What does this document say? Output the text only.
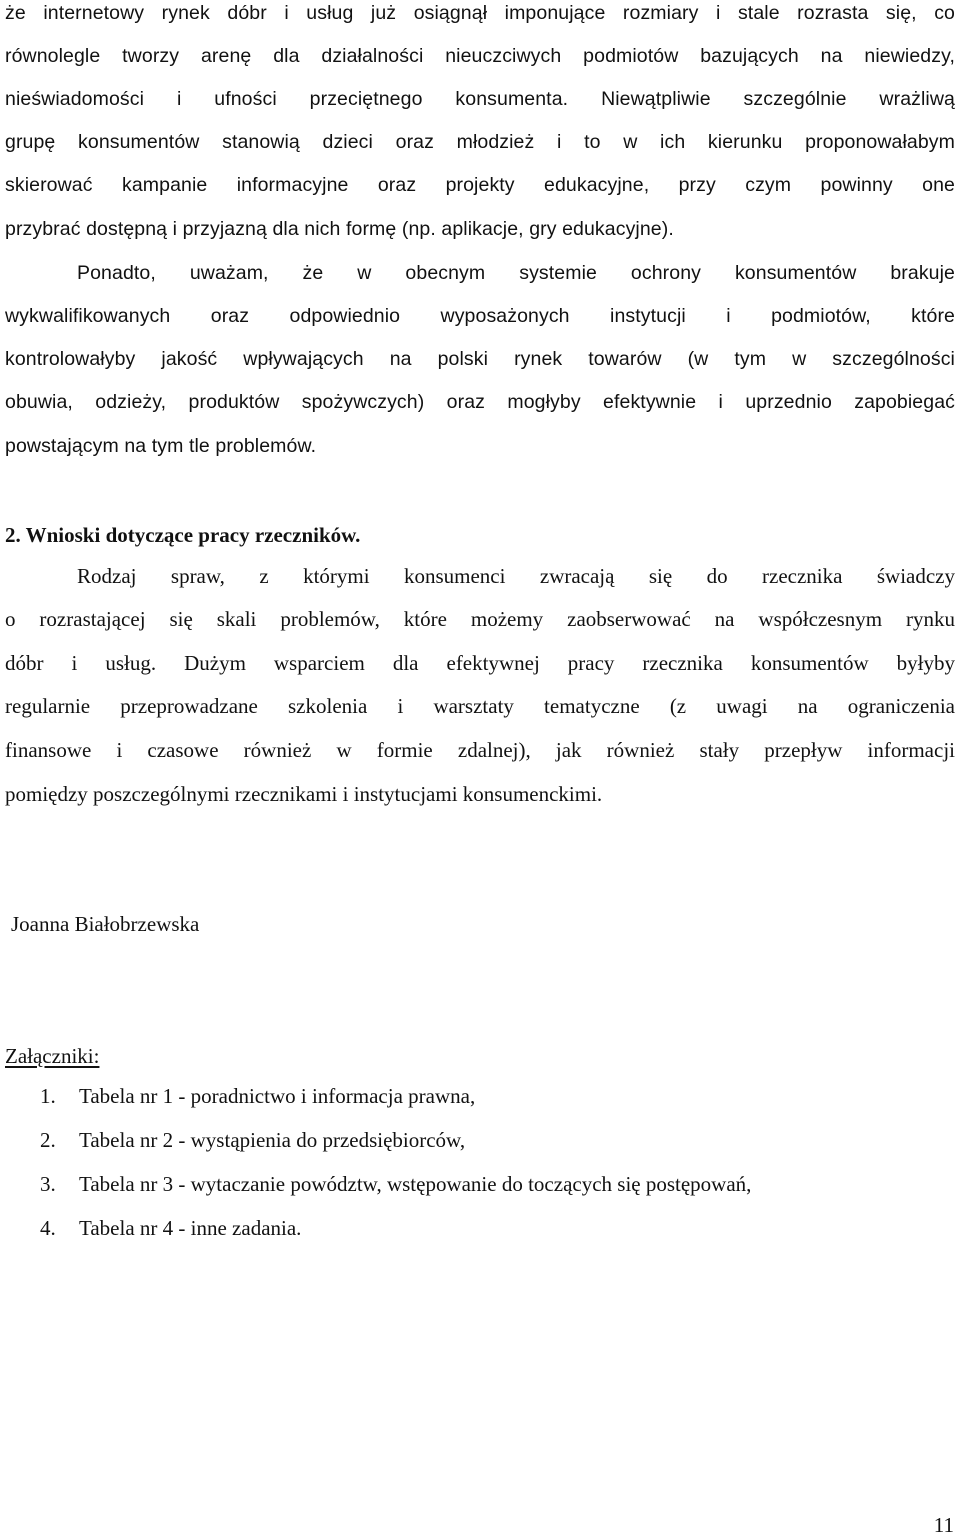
że internetowy rynek dóbr i usług już osiągnął imponujące rozmiary i stale rozrasta się, co

równolegle tworzy arenę dla działalności nieuczciwych podmiotów bazujących na niewiedzy,

nieświadomości i ufności przeciętnego konsumenta. Niewątpliwie szczególnie wrażliwą

grupę konsumentów stanowią dzieci oraz młodzież i to w ich kierunku proponowałabym

skierować kampanie informacyjne oraz projekty edukacyjne, przy czym powinny one

przybrać dostępną i przyjazną dla nich formę (np. aplikacje, gry edukacyjne).

Ponadto, uważam, że w obecnym systemie ochrony konsumentów brakuje

wykwalifikowanych oraz odpowiednio wyposażonych instytucji i podmiotów, które

kontrolowałyby jakość wpływających na polski rynek towarów (w tym w szczególności

obuwia, odzieży, produktów spożywczych) oraz mogłyby efektywnie i uprzednio zapobiegać

powstającym na tym tle problemów.

2. Wnioski dotyczące pracy rzeczników.

Rodzaj spraw, z którymi konsumenci zwracają się do rzecznika świadczy

o rozrastającej się skali problemów, które możemy zaobserwować na współczesnym rynku

dóbr i usług. Dużym wsparciem dla efektywnej pracy rzecznika konsumentów byłyby

regularnie przeprowadzane szkolenia i warsztaty tematyczne (z uwagi na ograniczenia

finansowe i czasowe również w formie zdalnej), jak również stały przepływ informacji

pomiędzy poszczególnymi rzecznikami i instytucjami konsumenckimi.

Joanna Białobrzewska

Załączniki:

1. Tabela nr 1 - poradnictwo i informacja prawna,
2. Tabela nr 2 - wystąpienia do przedsiębiorców,
3. Tabela nr 3 - wytaczanie powództw, wstępowanie do toczących się postępowań,
4. Tabela nr 4 - inne zadania.

11
